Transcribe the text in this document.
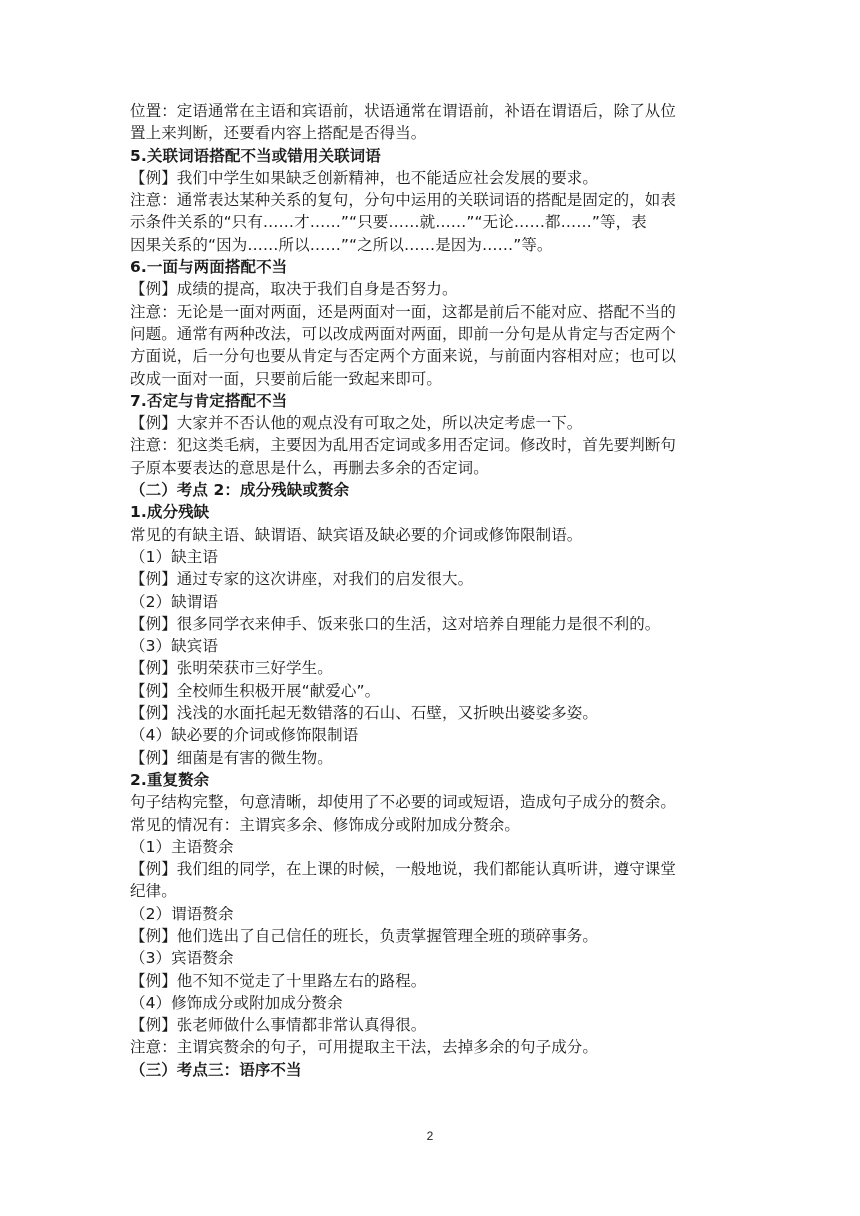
位置：定语通常在主语和宾语前，状语通常在谓语前，补语在谓语后，除了从位
置上来判断，还要看内容上搭配是否得当。
5.关联词语搭配不当或错用关联词语
【例】我们中学生如果缺乏创新精神，也不能适应社会发展的要求。
注意：通常表达某种关系的复句，分句中运用的关联词语的搭配是固定的，如表
示条件关系的“只有……才……”“只要……就……”“无论……都……”等，表
因果关系的“因为……所以……”“之所以……是因为……”等。
6.一面与两面搭配不当
【例】成绩的提高，取决于我们自身是否努力。
注意：无论是一面对两面，还是两面对一面，这都是前后不能对应、搭配不当的
问题。通常有两种改法，可以改成两面对两面，即前一分句是从肯定与否定两个
方面说，后一分句也要从肯定与否定两个方面来说，与前面内容相对应；也可以
改成一面对一面，只要前后能一致起来即可。
7.否定与肯定搭配不当
【例】大家并不否认他的观点没有可取之处，所以决定考虑一下。
注意：犯这类毛病，主要因为乱用否定词或多用否定词。修改时，首先要判断句
子原本要表达的意思是什么，再删去多余的否定词。
（二）考点 2：成分残缺或赘余
1.成分残缺
常见的有缺主语、缺谓语、缺宾语及缺必要的介词或修饰限制语。
（1）缺主语
【例】通过专家的这次讲座，对我们的启发很大。
（2）缺谓语
【例】很多同学衣来伸手、饭来张口的生活，这对培养自理能力是很不利的。
（3）缺宾语
【例】张明荣获市三好学生。
【例】全校师生积极开展“献爱心”。
【例】浅浅的水面托起无数错落的石山、石壁，又折映出婆娑多姿。
（4）缺必要的介词或修饰限制语
【例】细菌是有害的微生物。
2.重复赘余
句子结构完整，句意清晰，却使用了不必要的词或短语，造成句子成分的赘余。
常见的情况有：主谓宾多余、修饰成分或附加成分赘余。
（1）主语赘余
【例】我们组的同学，在上课的时候，一般地说，我们都能认真听讲，遵守课堂
纪律。
（2）谓语赘余
【例】他们选出了自己信任的班长，负责掌握管理全班的琐碎事务。
（3）宾语赘余
【例】他不知不觉走了十里路左右的路程。
（4）修饰成分或附加成分赘余
【例】张老师做什么事情都非常认真得很。
注意：主谓宾赘余的句子，可用提取主干法，去掉多余的句子成分。
（三）考点三：语序不当
2
